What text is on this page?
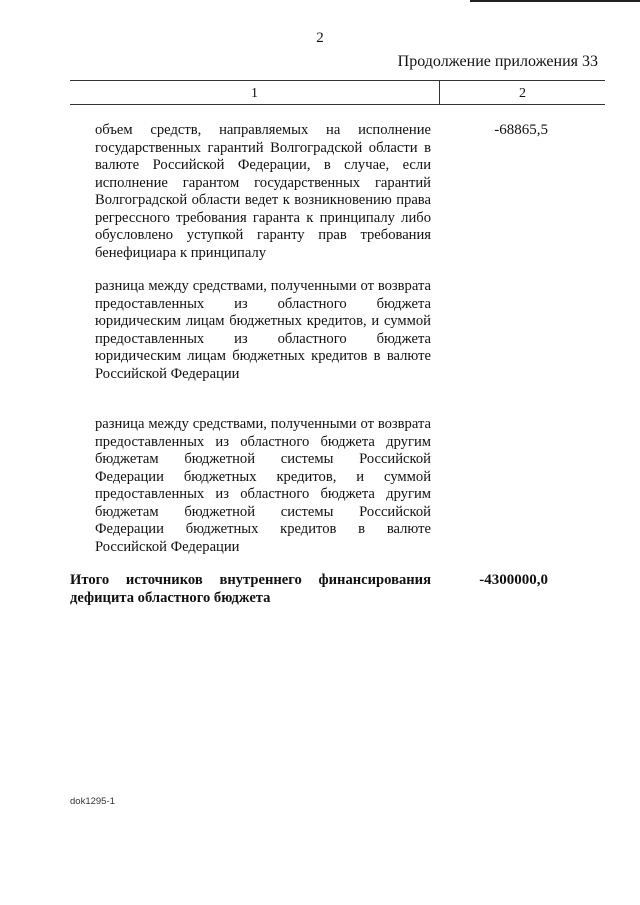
2
Продолжение приложения 33
1	2
объем средств, направляемых на исполнение государственных гарантий Волгоградской области в валюте Российской Федерации, в случае, если исполнение гарантом государственных гарантий Волгоградской области ведет к возникновению права регрессного требования гаранта к принципалу либо обусловлено уступкой гаранту прав требования бенефициара к принципалу
-68865,5
разница между средствами, полученными от возврата предоставленных из областного бюджета юридическим лицам бюджетных кредитов, и суммой предоставленных из областного бюджета юридическим лицам бюджетных кредитов в валюте Российской Федерации
разница между средствами, полученными от возврата предоставленных из областного бюджета другим бюджетам бюджетной системы Российской Федерации бюджетных кредитов, и суммой предоставленных из областного бюджета другим бюджетам бюджетной системы Российской Федерации бюджетных кредитов в валюте Российской Федерации
Итого источников внутреннего финансирования дефицита областного бюджета
-4300000,0
dok1295-1
